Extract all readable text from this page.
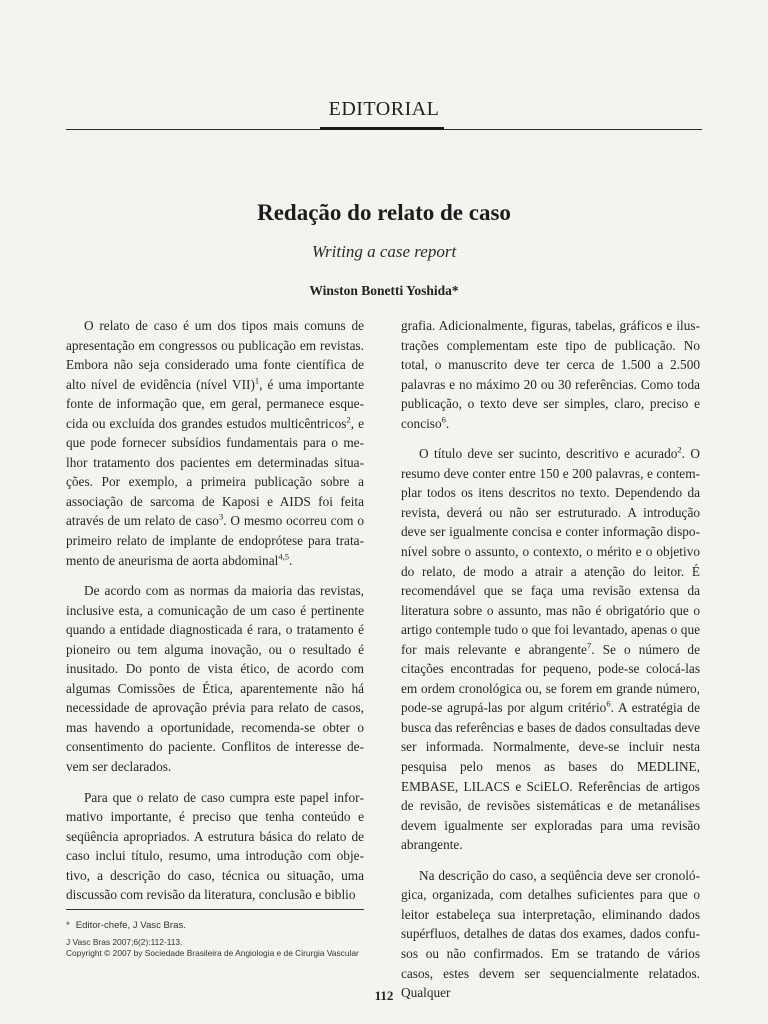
EDITORIAL
Redação do relato de caso
Writing a case report
Winston Bonetti Yoshida*

O relato de caso é um dos tipos mais comuns de apresentação em congressos ou publicação em revistas. Embora não seja considerado uma fonte científica de alto nível de evidência (nível VII)$^1$, é uma importante fonte de informação que, em geral, permanece esquecida ou excluída dos grandes estudos multicêntricos$^2$, e que pode fornecer subsídios fundamentais para o melhor tratamento dos pacientes em determinadas situações. Por exemplo, a primeira publicação sobre a associação de sarcoma de Kaposi e AIDS foi feita através de um relato de caso$^3$. O mesmo ocorreu com o primeiro relato de implante de endoprótese para tratamento de aneurisma de aorta abdominal$^{4,5}$.

De acordo com as normas da maioria das revistas, inclusive esta, a comunicação de um caso é pertinente quando a entidade diagnosticada é rara, o tratamento é pioneiro ou tem alguma inovação, ou o resultado é inusitado. Do ponto de vista ético, de acordo com algumas Comissões de Ética, aparentemente não há necessidade de aprovação prévia para relato de casos, mas havendo a oportunidade, recomenda-se obter o consentimento do paciente. Conflitos de interesse devem ser declarados.

Para que o relato de caso cumpra este papel informativo importante, é preciso que tenha conteúdo e seqüência apropriados. A estrutura básica do relato de caso inclui título, resumo, uma introdução com objetivo, a descrição do caso, técnica ou situação, uma discussão com revisão da literatura, conclusão e biblio

grafia. Adicionalmente, figuras, tabelas, gráficos e ilustrações complementam este tipo de publicação. No total, o manuscrito deve ter cerca de 1.500 a 2.500 palavras e no máximo 20 ou 30 referências. Como toda publicação, o texto deve ser simples, claro, preciso e conciso$^6$.

O título deve ser sucinto, descritivo e acurado$^2$. O resumo deve conter entre 150 e 200 palavras, e contemplar todos os itens descritos no texto. Dependendo da revista, deverá ou não ser estruturado. A introdução deve ser igualmente concisa e conter informação disponível sobre o assunto, o contexto, o mérito e o objetivo do relato, de modo a atrair a atenção do leitor. É recomendável que se faça uma revisão extensa da literatura sobre o assunto, mas não é obrigatório que o artigo contemple tudo o que foi levantado, apenas o que for mais relevante e abrangente$^7$. Se o número de citações encontradas for pequeno, pode-se colocá-las em ordem cronológica ou, se forem em grande número, pode-se agrupá-las por algum critério$^6$. A estratégia de busca das referências e bases de dados consultadas deve ser informada. Normalmente, deve-se incluir nesta pesquisa pelo menos as bases do MEDLINE, EMBASE, LILACS e SciELO. Referências de artigos de revisão, de revisões sistemáticas e de metanálises devem igualmente ser exploradas para uma revisão abrangente.

Na descrição do caso, a seqüência deve ser cronológica, organizada, com detalhes suficientes para que o leitor estabeleça sua interpretação, eliminando dados supérfluos, detalhes de datas dos exames, dados confusos ou não confirmados. Em se tratando de vários casos, estes devem ser sequencialmente relatados. Qualquer

* Editor-chefe, J Vasc Bras.
J Vasc Bras 2007;6(2):112-113.
Copyright © 2007 by Sociedade Brasileira de Angiologia e de Cirurgia Vascular
112
